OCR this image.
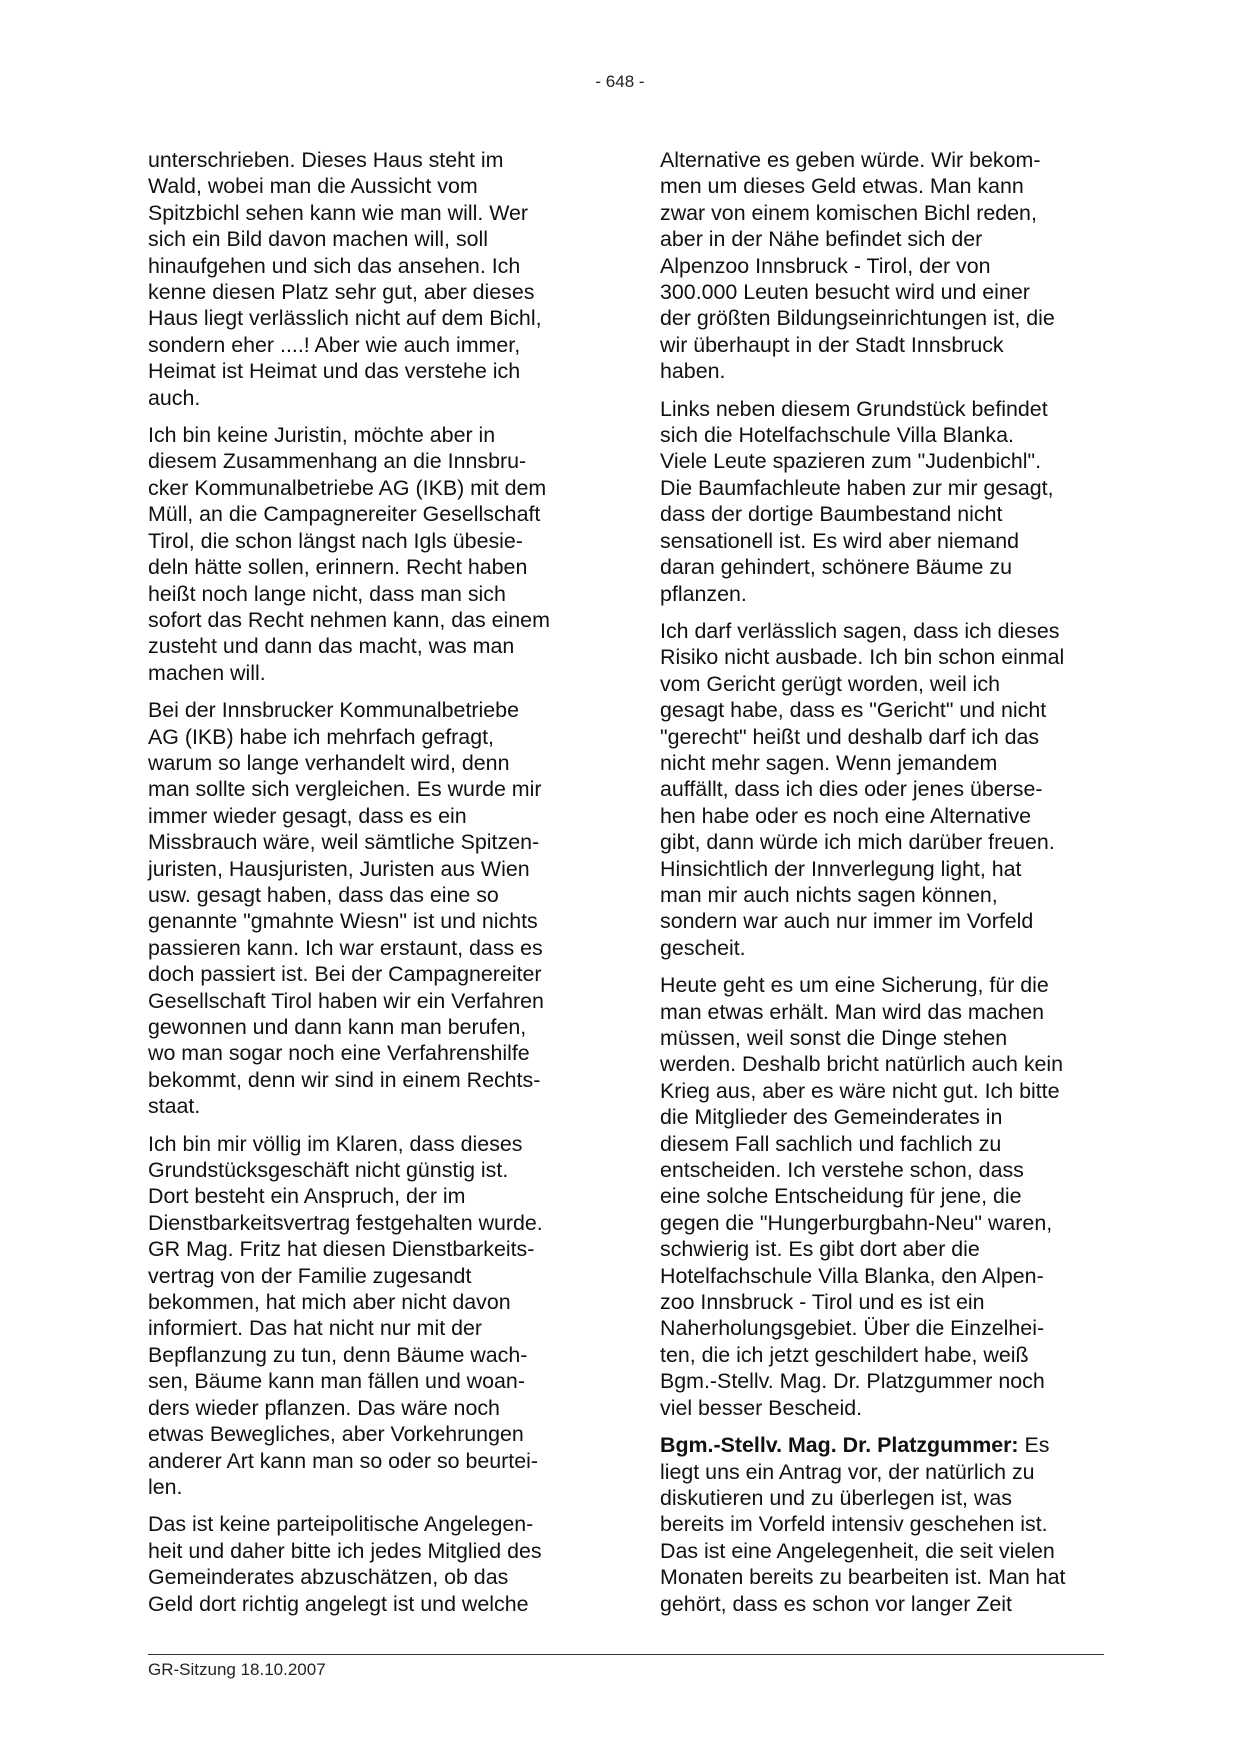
- 648 -

unterschrieben. Dieses Haus steht im
Wald, wobei man die Aussicht vom
Spitzbichl sehen kann wie man will. Wer
sich ein Bild davon machen will, soll
hinaufgehen und sich das ansehen. Ich
kenne diesen Platz sehr gut, aber dieses
Haus liegt verlässlich nicht auf dem Bichl,
sondern eher ....! Aber wie auch immer,
Heimat ist Heimat und das verstehe ich
auch.

Ich bin keine Juristin, möchte aber in
diesem Zusammenhang an die Innsbru-
cker Kommunalbetriebe AG (IKB) mit dem
Müll, an die Campagnereiter Gesellschaft
Tirol, die schon längst nach Igls übesie-
deln hätte sollen, erinnern. Recht haben
heißt noch lange nicht, dass man sich
sofort das Recht nehmen kann, das einem
zusteht und dann das macht, was man
machen will.

Bei der Innsbrucker Kommunalbetriebe
AG (IKB) habe ich mehrfach gefragt,
warum so lange verhandelt wird, denn
man sollte sich vergleichen. Es wurde mir
immer wieder gesagt, dass es ein
Missbrauch wäre, weil sämtliche Spitzen-
juristen, Hausjuristen, Juristen aus Wien
usw. gesagt haben, dass das eine so
genannte "gmahnte Wiesn" ist und nichts
passieren kann. Ich war erstaunt, dass es
doch passiert ist. Bei der Campagnereiter
Gesellschaft Tirol haben wir ein Verfahren
gewonnen und dann kann man berufen,
wo man sogar noch eine Verfahrenshilfe
bekommt, denn wir sind in einem Rechts-
staat.

Ich bin mir völlig im Klaren, dass dieses
Grundstücksgeschäft nicht günstig ist.
Dort besteht ein Anspruch, der im
Dienstbarkeitsvertrag festgehalten wurde.
GR Mag. Fritz hat diesen Dienstbarkeits-
vertrag von der Familie zugesandt
bekommen, hat mich aber nicht davon
informiert. Das hat nicht nur mit der
Bepflanzung zu tun, denn Bäume wach-
sen, Bäume kann man fällen und woan-
ders wieder pflanzen. Das wäre noch
etwas Bewegliches, aber Vorkehrungen
anderer Art kann man so oder so beurtei-
len.

Das ist keine parteipolitische Angelegen-
heit und daher bitte ich jedes Mitglied des
Gemeinderates abzuschätzen, ob das
Geld dort richtig angelegt ist und welche

Alternative es geben würde. Wir bekom-
men um dieses Geld etwas. Man kann
zwar von einem komischen Bichl reden,
aber in der Nähe befindet sich der
Alpenzoo Innsbruck - Tirol, der von
300.000 Leuten besucht wird und einer
der größten Bildungseinrichtungen ist, die
wir überhaupt in der Stadt Innsbruck
haben.

Links neben diesem Grundstück befindet
sich die Hotelfachschule Villa Blanka.
Viele Leute spazieren zum "Judenbichl".
Die Baumfachleute haben zur mir gesagt,
dass der dortige Baumbestand nicht
sensationell ist. Es wird aber niemand
daran gehindert, schönere Bäume zu
pflanzen.

Ich darf verlässlich sagen, dass ich dieses
Risiko nicht ausbade. Ich bin schon einmal
vom Gericht gerügt worden, weil ich
gesagt habe, dass es "Gericht" und nicht
"gerecht" heißt und deshalb darf ich das
nicht mehr sagen. Wenn jemandem
auffällt, dass ich dies oder jenes überse-
hen habe oder es noch eine Alternative
gibt, dann würde ich mich darüber freuen.
Hinsichtlich der Innverlegung light, hat
man mir auch nichts sagen können,
sondern war auch nur immer im Vorfeld
gescheit.

Heute geht es um eine Sicherung, für die
man etwas erhält. Man wird das machen
müssen, weil sonst die Dinge stehen
werden. Deshalb bricht natürlich auch kein
Krieg aus, aber es wäre nicht gut. Ich bitte
die Mitglieder des Gemeinderates in
diesem Fall sachlich und fachlich zu
entscheiden. Ich verstehe schon, dass
eine solche Entscheidung für jene, die
gegen die "Hungerburgbahn-Neu" waren,
schwierig ist. Es gibt dort aber die
Hotelfachschule Villa Blanka, den Alpen-
zoo Innsbruck - Tirol und es ist ein
Naherholungsgebiet. Über die Einzelhei-
ten, die ich jetzt geschildert habe, weiß
Bgm.-Stellv. Mag. Dr. Platzgummer noch
viel besser Bescheid.

Bgm.-Stellv. Mag. Dr. Platzgummer: Es
liegt uns ein Antrag vor, der natürlich zu
diskutieren und zu überlegen ist, was
bereits im Vorfeld intensiv geschehen ist.
Das ist eine Angelegenheit, die seit vielen
Monaten bereits zu bearbeiten ist. Man hat
gehört, dass es schon vor langer Zeit

GR-Sitzung 18.10.2007
